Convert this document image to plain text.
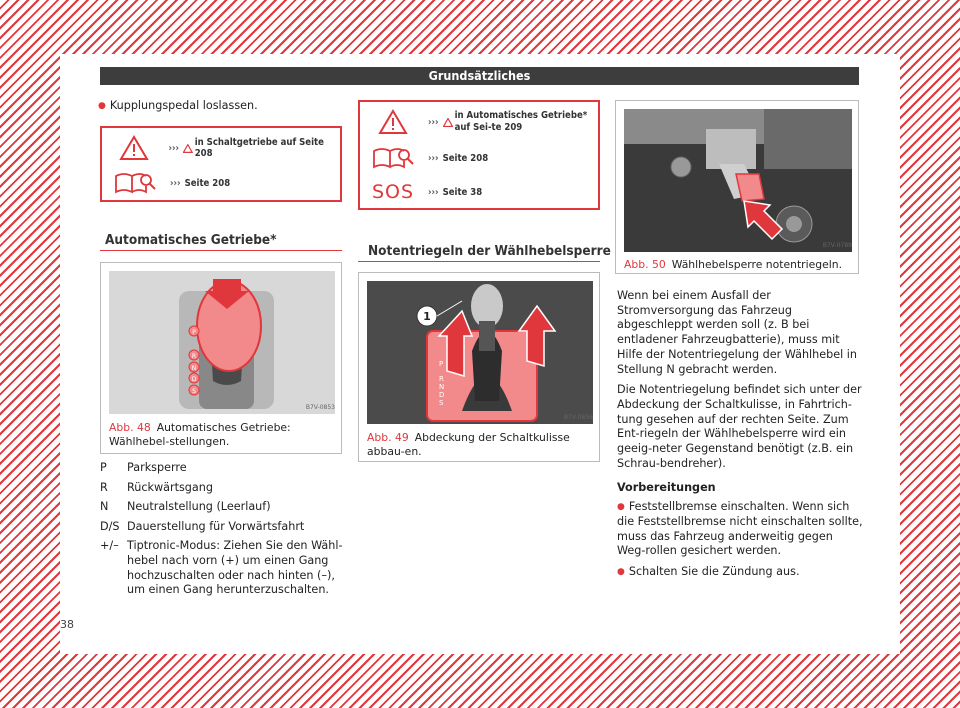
Grundsätzliches
● Kupplungspedal loslassen.
››› in Schaltgetriebe auf Seite 208
››› Seite 208
Automatisches Getriebe*
P
R
N
D
S
B7V-0853
Abb. 48 Automatisches Getriebe: Wählhebel-stellungen.
P	Parksperre
R	Rückwärtsgang
N	Neutralstellung (Leerlauf)
D/S Dauerstellung für Vorwärtsfahrt
+/– Tiptronic-Modus: Ziehen Sie den Wähl-hebel nach vorn (+) um einen Gang hochzuschalten oder nach hinten (–), um einen Gang herunterzuschalten.
38
›››
in Automatisches Getriebe* auf Sei-te 209
››› Seite 208
SOS ››› Seite 38
Notentriegeln der Wählhebelsperre
1
P
R
N
D
S
B7V-0856
Abb. 49 Abdeckung der Schaltkulisse abbau-en.
B7V-0789
Abb. 50 Wählhebelsperre notentriegeln.

Wenn bei einem Ausfall der Stromversorgung das Fahrzeug abgeschleppt werden soll (z. B bei entladener Fahrzeugbatterie), muss mit Hilfe der Notentriegelung der Wählhebel in Stellung N gebracht werden.

Die Notentriegelung befindet sich unter der Abdeckung der Schaltkulisse, in Fahrtrich-tung gesehen auf der rechten Seite. Zum Ent-riegeln der Wählhebelsperre wird ein geeig-neter Gegenstand benötigt (z.B. ein Schrau-bendreher).

Vorbereitungen

● Feststellbremse einschalten. Wenn sich die Feststellbremse nicht einschalten sollte, muss das Fahrzeug anderweitig gegen Weg-rollen gesichert werden.

● Schalten Sie die Zündung aus.
